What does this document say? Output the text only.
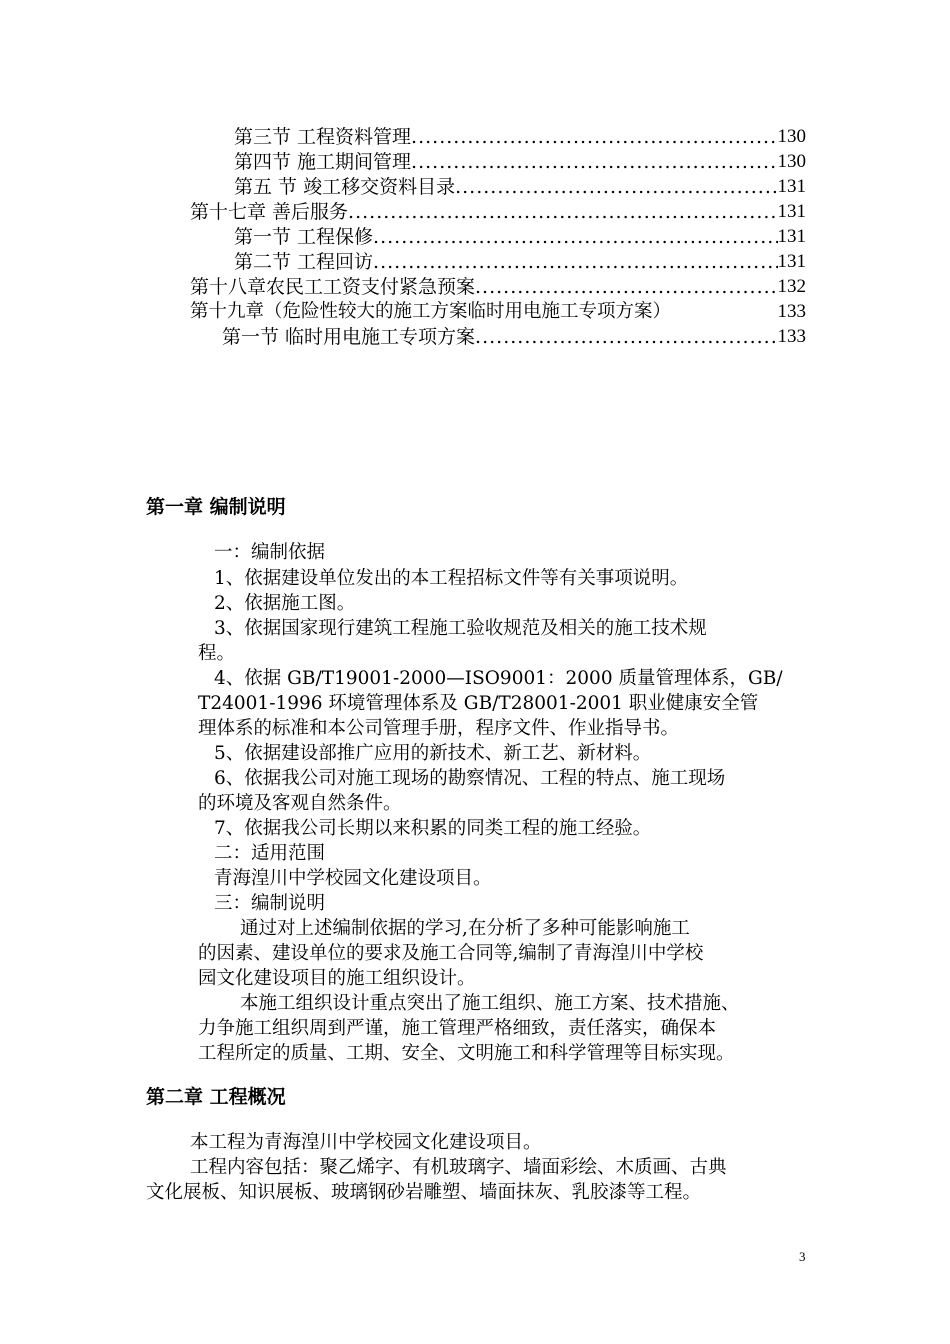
第三节 工程资料管理 .....	130
第四节 施工期间管理 .....	130
第五 节 竣工移交资料目录 .....	131
第十七章 善后服务 .....	131
第一节 工程保修 .....	131
第二节 工程回访 .....	131
第十八章农民工工资支付紧急预案 .....	132
第十九章（危险性较大的施工方案临时用电施工专项方案）	133
第一节 临时用电施工专项方案 .....	133
第一章 编制说明
一：编制依据
1、依据建设单位发出的本工程招标文件等有关事项说明。
2、依据施工图。
3、依据国家现行建筑工程施工验收规范及相关的施工技术规
程。
4、依据 GB/T19001-2000—ISO9001：2000 质量管理体系，GB/
T24001-1996 环境管理体系及 GB/T28001-2001 职业健康安全管
理体系的标准和本公司管理手册，程序文件、作业指导书。
5、依据建设部推广应用的新技术、新工艺、新材料。
6、依据我公司对施工现场的勘察情况、工程的特点、施工现场
的环境及客观自然条件。
7、依据我公司长期以来积累的同类工程的施工经验。
二：适用范围
青海湟川中学校园文化建设项目。
三：编制说明
通过对上述编制依据的学习,在分析了多种可能影响施工
的因素、建设单位的要求及施工合同等,编制了青海湟川中学校
园文化建设项目的施工组织设计。
本施工组织设计重点突出了施工组织、施工方案、技术措施、
力争施工组织周到严谨，施工管理严格细致，责任落实，确保本
工程所定的质量、工期、安全、文明施工和科学管理等目标实现。
第二章 工程概况
本工程为青海湟川中学校园文化建设项目。
工程内容包括：聚乙烯字、有机玻璃字、墙面彩绘、木质画、古典
文化展板、知识展板、玻璃钢砂岩雕塑、墙面抹灰、乳胶漆等工程。
3
